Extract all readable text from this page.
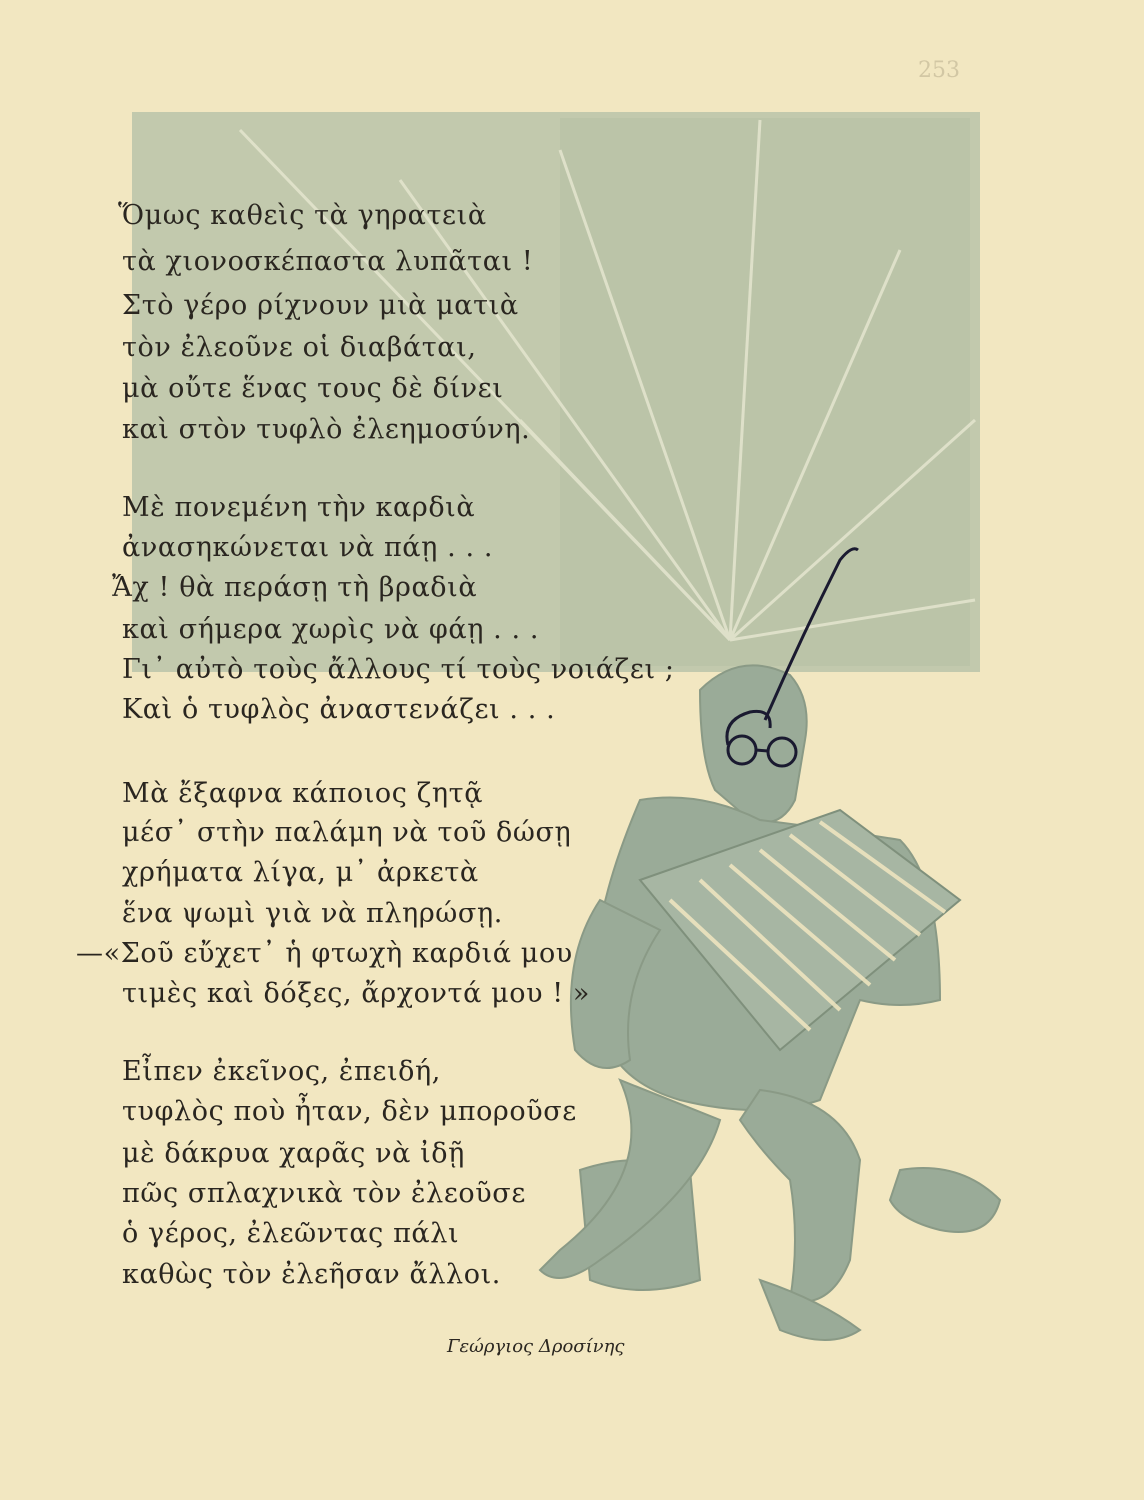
253
Ὅμως καθεὶς τὰ γηρατειὰ
τὰ χιονοσκέπαστα λυπᾶται !
Στὸ γέρο ρίχνουν μιὰ ματιὰ
τὸν ἐλεοῦνε οἱ διαβάται,
μὰ οὔτε ἕνας τους δὲ δίνει
καὶ στὸν τυφλὸ ἐλεημοσύνη.
Μὲ πονεμένη τὴν καρδιὰ
ἀνασηκώνεται νὰ πάῃ . . .
Ἄχ ! θὰ περάσῃ τὴ βραδιὰ
καὶ σήμερα χωρὶς νὰ φάῃ . . .
Γι᾽ αὐτὸ τοὺς ἄλλους τί τοὺς νοιάζει ;
Καὶ ὁ τυφλὸς ἀναστενάζει . . .
Μὰ ἔξαφνα κάποιος ζητᾷ
μέσ᾽ στὴν παλάμη νὰ τοῦ δώσῃ
χρήματα λίγα, μ᾽ ἀρκετὰ
ἕνα ψωμὶ γιὰ νὰ πληρώσῃ.
—«Σοῦ εὔχετ᾽ ἡ φτωχὴ καρδιά μου
τιμὲς καὶ δόξες, ἄρχοντά μου ! »
Εἶπεν ἐκεῖνος, ἐπειδή,
τυφλὸς ποὺ ἦταν, δὲν μποροῦσε
μὲ δάκρυα χαρᾶς νὰ ἰδῇ
πῶς σπλαχνικὰ τὸν ἐλεοῦσε
ὁ γέρος, ἐλεῶντας πάλι
καθὼς τὸν ἐλεῆσαν ἄλλοι.
Γεώργιος Δροσίνης
